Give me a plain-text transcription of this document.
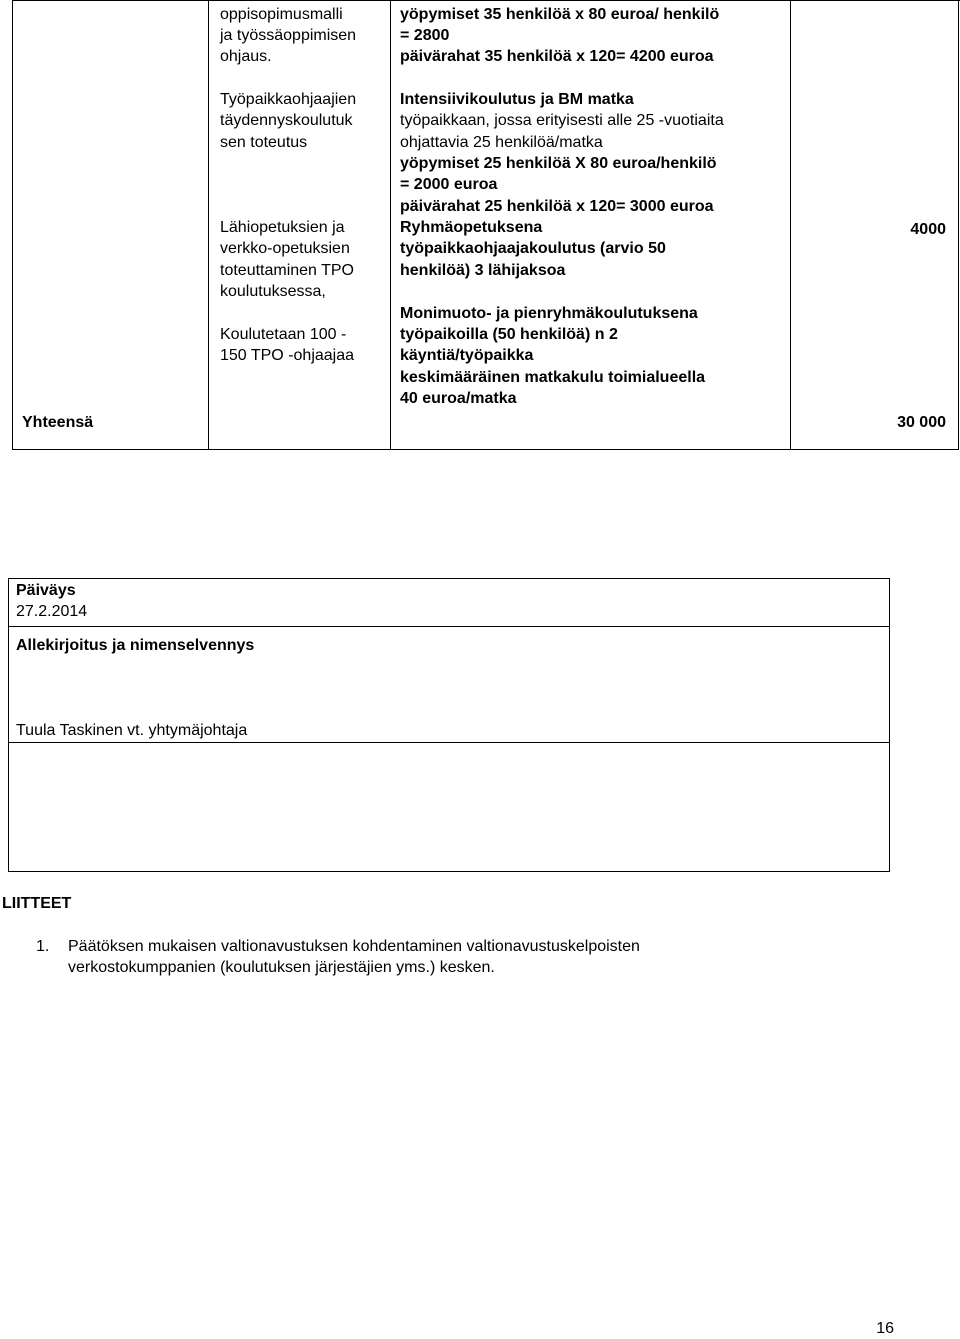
oppisopimusmalli
ja työssäoppimisen
ohjaus.
yöpymiset 35 henkilöä x 80 euroa/ henkilö
= 2800
päivärahat 35 henkilöä x 120= 4200 euroa
Työpaikkaohjaajien
täydennyskoulutuk
sen toteutus
Lähiopetuksien ja
verkko-opetuksien
toteuttaminen TPO
koulutuksessa,
Koulutetaan 100 -
150 TPO -ohjaajaa
Intensiivikoulutus ja BM matka
työpaikkaan, jossa erityisesti alle 25 -vuotiaita
ohjattavia 25 henkilöä/matka
yöpymiset 25 henkilöä X 80 euroa/henkilö
= 2000 euroa
päivärahat 25 henkilöä x 120= 3000 euroa
Ryhmäopetuksena
työpaikkaohjaajakoulutus (arvio 50
henkilöä) 3 lähijaksoa
Monimuoto- ja pienryhmäkoulutuksena
työpaikoilla (50 henkilöä) n 2
käyntiä/työpaikka
keskimääräinen matkakulu toimialueella
40 euroa/matka
4000
Yhteensä	30 000
Päiväys
27.2.2014
Allekirjoitus ja nimenselvennys
Tuula Taskinen vt. yhtymäjohtaja
LIITTEET
1. Päätöksen mukaisen valtionavustuksen kohdentaminen valtionavustuskelpoisten
verkostokumppanien (koulutuksen järjestäjien yms.) kesken.
16
